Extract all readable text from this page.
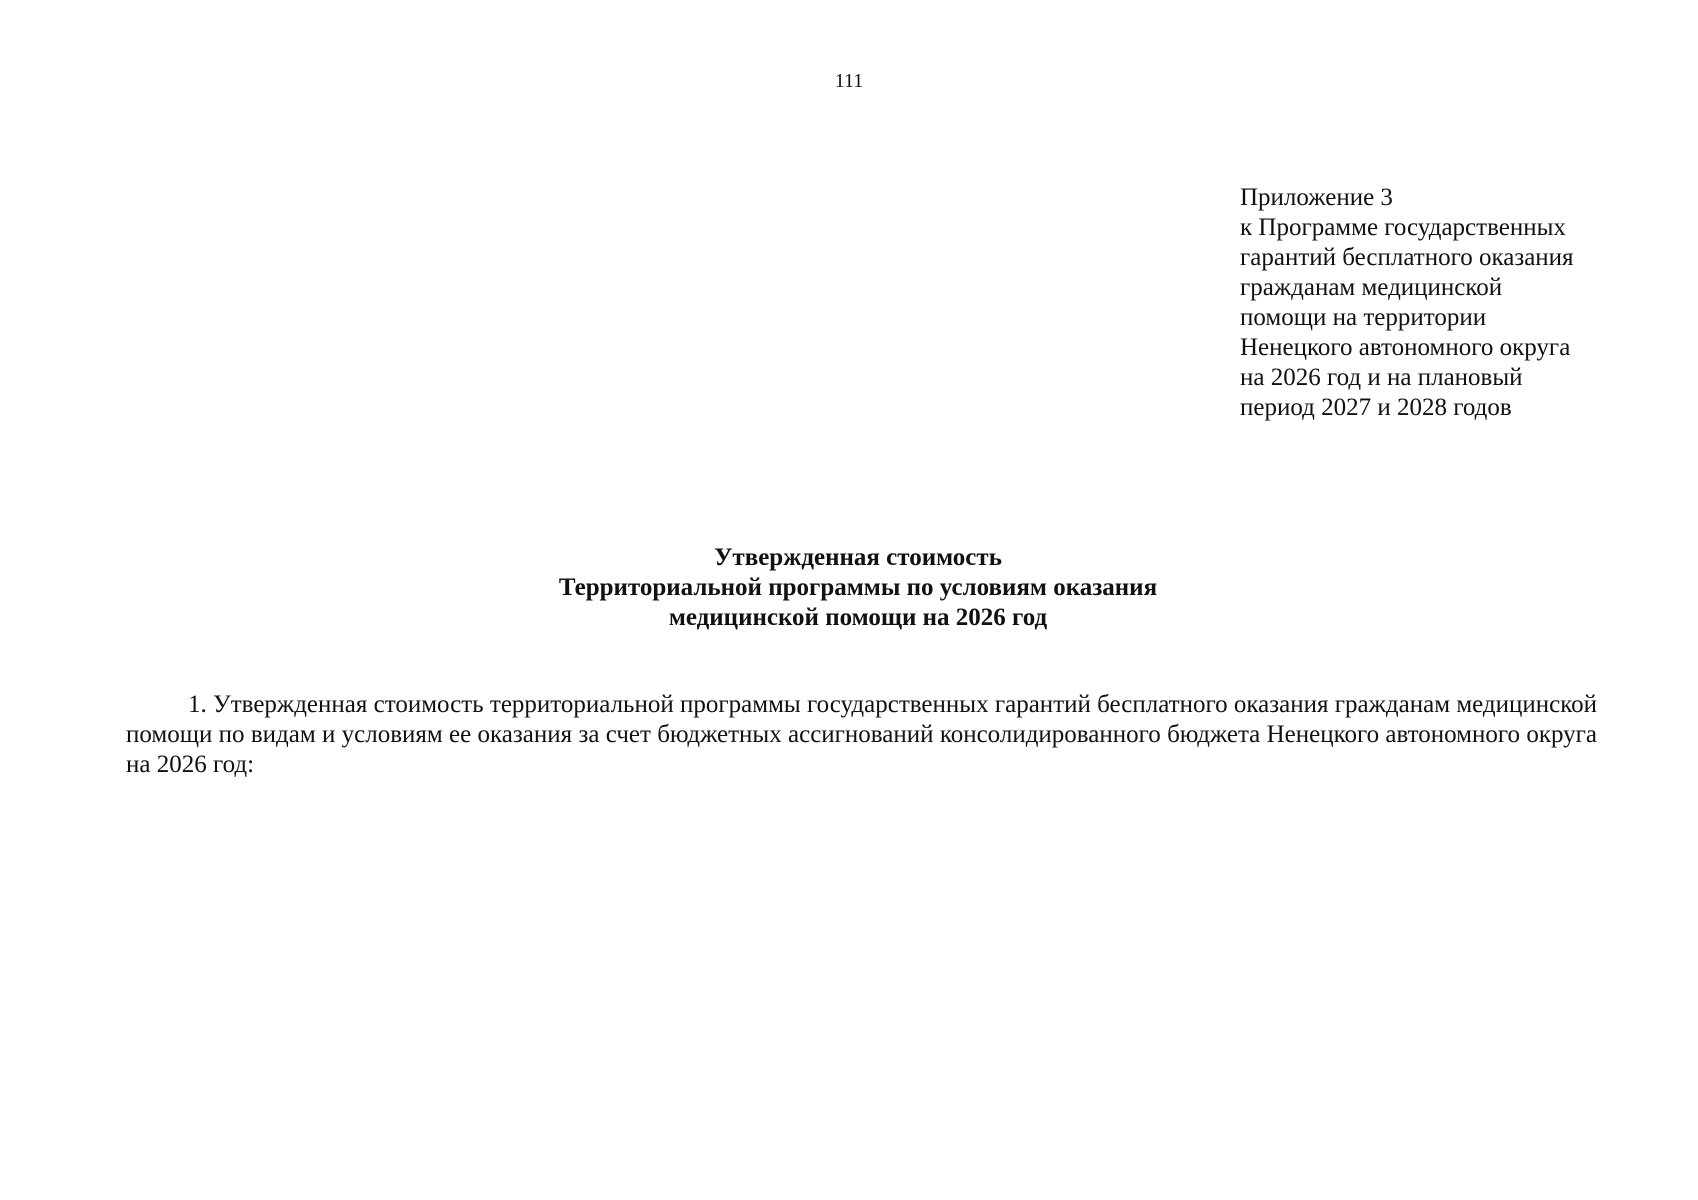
111
Приложение 3
к Программе государственных
гарантий бесплатного оказания
гражданам медицинской
помощи на территории
Ненецкого автономного округа
на 2026 год и на плановый
период 2027 и 2028 годов
Утвержденная стоимость
Территориальной программы по условиям оказания
медицинской помощи на 2026 год

1. Утвержденная стоимость территориальной программы государственных гарантий бесплатного оказания гражданам медицинской помощи по видам и условиям ее оказания за счет бюджетных ассигнований консолидированного бюджета Ненецкого автономного округа на 2026 год:
